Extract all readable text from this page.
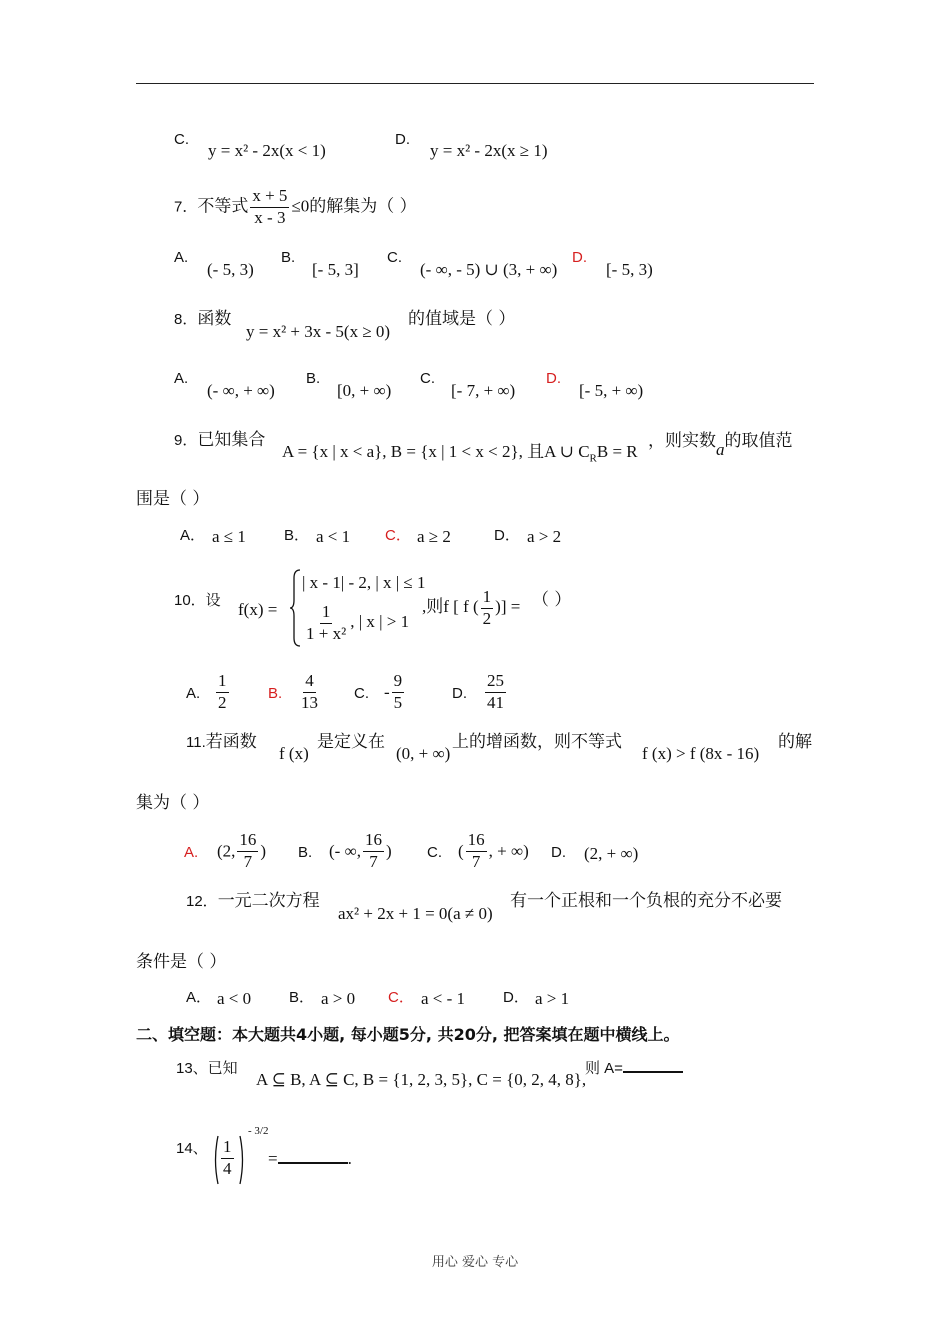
C.
y = x² - 2x(x < 1)
D.
y = x² - 2x(x ≥ 1)
7．不等式 $\frac{x + 5}{x - 3} \le 0$的解集为（ ）
A.
(- 5, 3)
B.
[- 5, 3]
C.
(- ∞, - 5) ∪ (3, + ∞)
D.
[- 5, 3)
8．函数
y = x² + 3x - 5(x ≥ 0)
的值域是（ ）
A.
(- ∞, + ∞)
B.
[0, + ∞)
C.
[- 7, + ∞)
D.
[- 5, + ∞)
9．已知集合
A = {x | x < a}, B = {x | 1 < x < 2}, 且A ∪ $C_RB = R$
，则实数a的取值范
围是（ ）
A． a ≤ 1	B． a < 1 C． a ≥ 2	D． a > 2
10．设 f(x) =
| x - 1| - 2, | x | ≤ 1
$\frac{1}{\text{1 + x²}}$ , | x | > 1
,则f [ f ( $\frac{1}{2}$ )] = （ ）
A. $\frac{1}{2}$	B. $\frac{4}{13} C$. - $\frac{9}{5}$	D. $\frac{25}{41}$
11.若函数
f (x)
是定义在
(0, + ∞)
上的增函数，则不等式
f (x) > f (8x - 16)
的解
集为（ ）
A. (2, $\frac{16}{7}$ ) B. (- ∞, $\frac{16}{7}$ ) C. ( $\frac{16}{7}$ , + ∞) D. (2, + ∞)
12．一元二次方程
ax² + 2x + 1 = 0(a ≠ 0)
有一个正根和一个负根的充分不必要
条件是（ ）
A． a < 0	B． a > 0 C． a < - 1	D． a > 1
二、填空题：本大题共4小题, 每小题5分, 共20分, 把答案填在题中横线上。
13、已知
A ⊆ B, A ⊆ C, B = {1, 2, 3, 5}, C = {0, 2, 4, 8},
则 A=
14、 $\frac{1}{4}$
- 3/2
=	.
用心 爱心 专心
